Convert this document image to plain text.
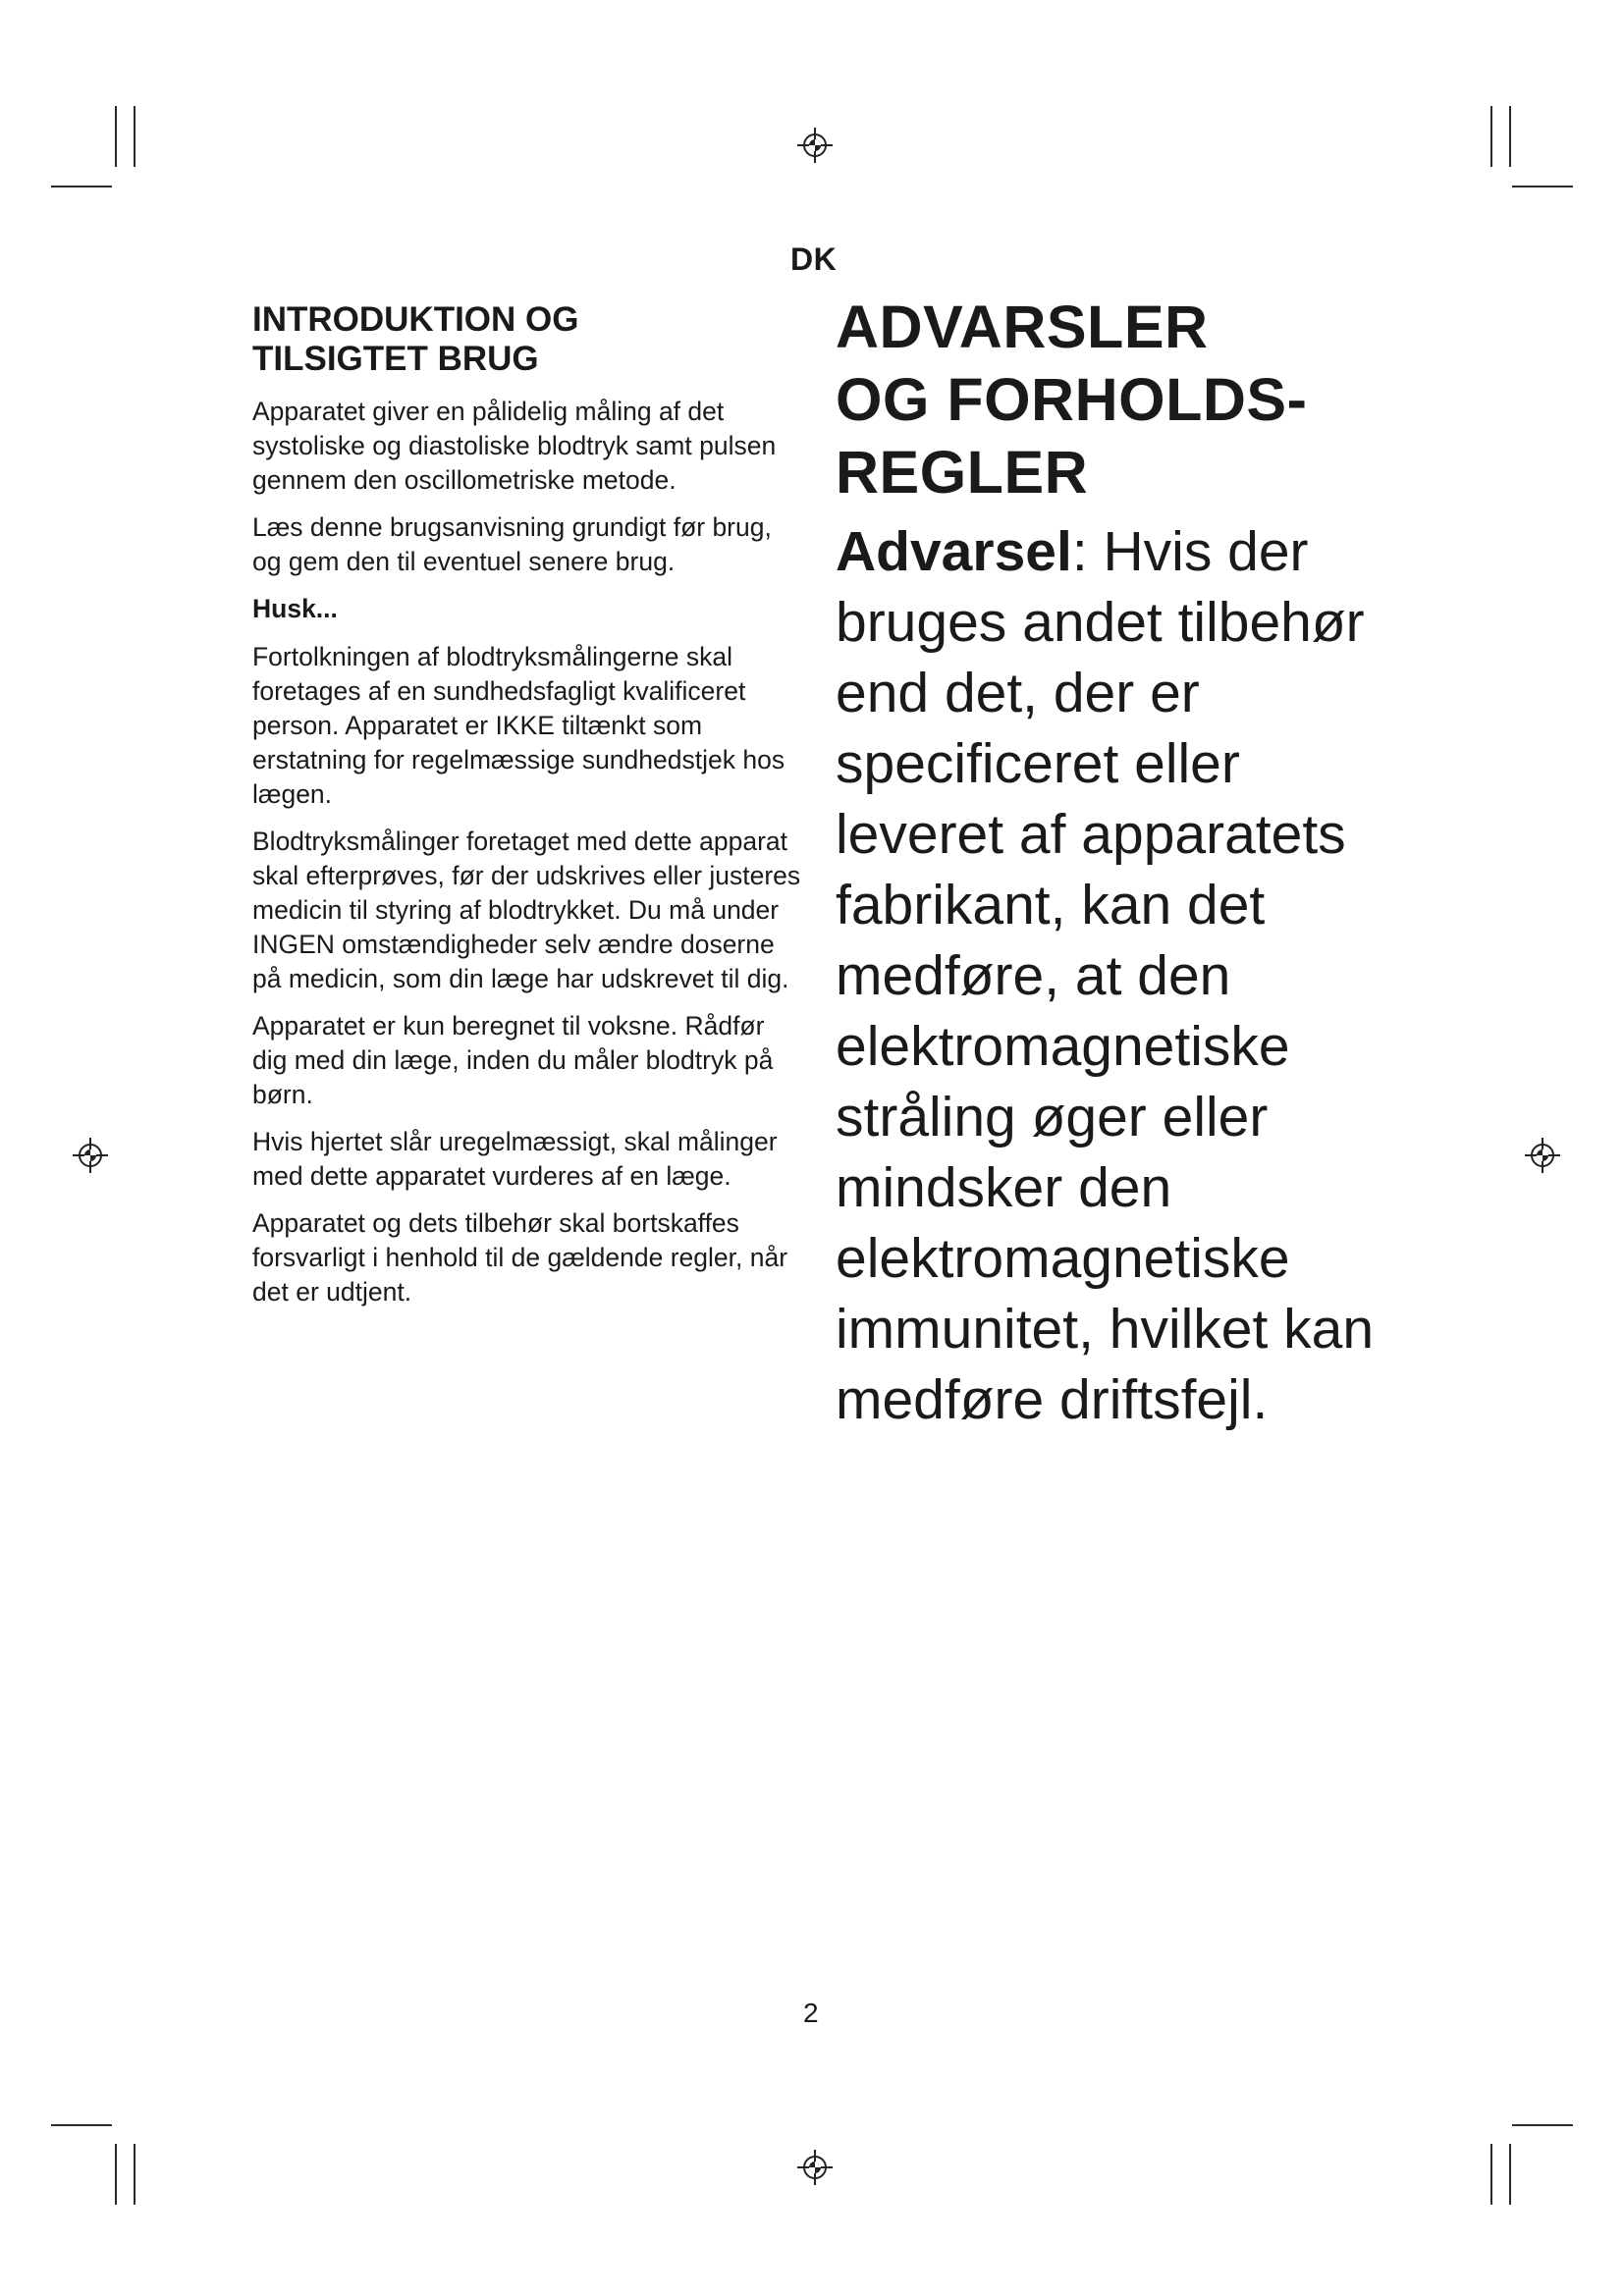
DK
INTRODUKTION OG
TILSIGTET BRUG

Apparatet giver en pålidelig måling af det systoliske og diastoliske blodtryk samt pulsen gennem den oscillometriske metode.

Læs denne brugsanvisning grundigt før brug, og gem den til eventuel senere brug.

Husk...

Fortolkningen af blodtryksmålingerne skal foretages af en sundhedsfagligt kvalificeret person. Apparatet er IKKE tiltænkt som erstatning for regelmæssige sundhedstjek hos lægen.

Blodtryksmålinger foretaget med dette apparat skal efterprøves, før der udskrives eller justeres medicin til styring af blodtrykket. Du må under INGEN omstændigheder selv ændre doserne på medicin, som din læge har udskrevet til dig.

Apparatet er kun beregnet til voksne. Rådfør dig med din læge, inden du måler blodtryk på børn.

Hvis hjertet slår uregelmæssigt, skal målinger med dette apparatet vurderes af en læge.

Apparatet og dets tilbehør skal bortskaffes forsvarligt i henhold til de gældende regler, når det er udtjent.

ADVARSLER
OG FORHOLDS-
REGLER

Advarsel: Hvis der bruges andet tilbehør end det, der er specificeret eller leveret af apparatets fabrikant, kan det medføre, at den elektromagnetiske stråling øger eller mindsker den elektromagnetiske immunitet, hvilket kan medføre driftsfejl.

2
